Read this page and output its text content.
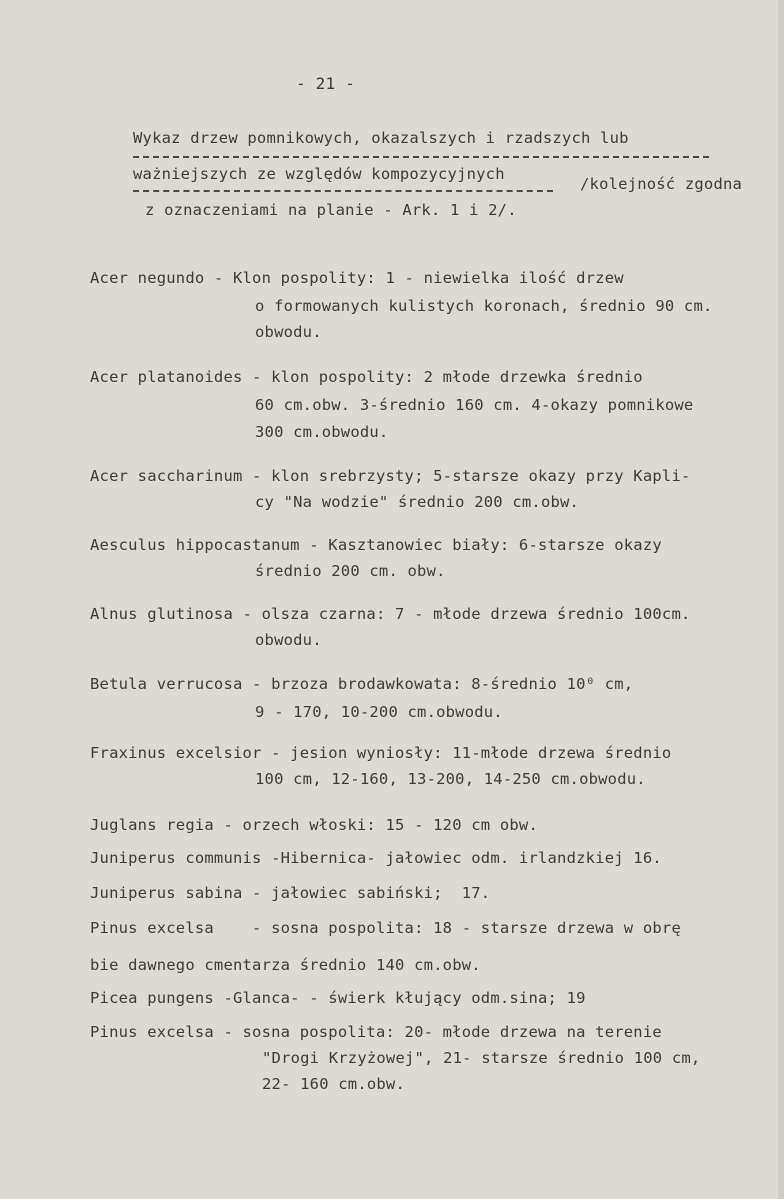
- 21 -
Wykaz drzew pomnikowych, okazalszych i rzadszych lub
ważniejszych ze względów kompozycyjnych
/kolejność zgodna
z oznaczeniami na planie - Ark. 1 i 2/.
Acer negundo - Klon pospolity: 1 - niewielka ilość drzew
o formowanych kulistych koronach, średnio 90 cm.
obwodu.
Acer platanoides - klon pospolity: 2 młode drzewka średnio
60 cm.obw. 3-średnio 160 cm. 4-okazy pomnikowe
300 cm.obwodu.
Acer saccharinum - klon srebrzysty; 5-starsze okazy przy Kapli-
cy "Na wodzie" średnio 200 cm.obw.
Aesculus hippocastanum - Kasztanowiec biały: 6-starsze okazy
średnio 200 cm. obw.
Alnus glutinosa - olsza czarna: 7 - młode drzewa średnio 100cm.
obwodu.
Betula verrucosa - brzoza brodawkowata: 8-średnio 10⁰ cm,
9 - 170, 10-200 cm.obwodu.
Fraxinus excelsior - jesion wyniosły: 11-młode drzewa średnio
100 cm, 12-160, 13-200, 14-250 cm.obwodu.
Juglans regia - orzech włoski: 15 - 120 cm obw.
Juniperus communis -Hibernica- jałowiec odm. irlandzkiej 16.
Juniperus sabina - jałowiec sabiński;  17.
Pinus excelsa    - sosna pospolita: 18 - starsze drzewa w obrę
bie dawnego cmentarza średnio 140 cm.obw.
Picea pungens -Glanca- - świerk kłujący odm.sina; 19
Pinus excelsa - sosna pospolita: 20- młode drzewa na terenie
"Drogi Krzyżowej", 21- starsze średnio 100 cm,
22- 160 cm.obw.
